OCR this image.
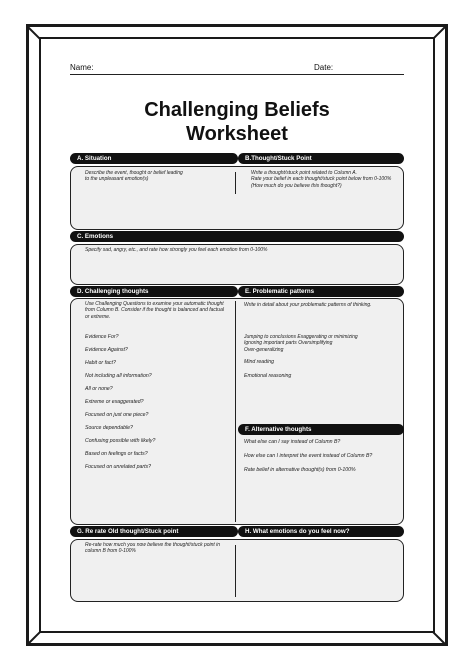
Name:	Date:
Challenging Beliefs
Worksheet
A. Situation	B.Thought/Stuck Point
Describe the event, thought or belief leading
to the unpleasant emotion(s)
Write a thought/stuck point related to Column A.
Rate your belief in each thought/stuck point below from 0-100%
(How much do you believe this thought?)
C. Emotions
Specify sad, angry, etc., and rate how strongly you feel each emotion from 0-100%
D. Challenging thoughts	E. Problematic patterns
Use Challenging Questions to examine your automatic thought
from Column B. Consider if the thought is balanced and factual
or extreme.
Evidence For?
Evidence Against?
Habit or fact?
Not including all information?
All or none?
Extreme or exaggerated?
Focused on just one piece?
Source dependable?
Confusing possible with likely?
Based on feelings or facts?
Focused on unrelated parts?
Write in detail about your problematic patterns of thinking.
Jumping to conclusions Exaggerating or minimizing
Ignoring important parts Oversimplifying
Over-generalizing
Mind reading
Emotional reasoning
F. Alternative thoughts
What else can I say instead of Column B?
How else can I interpret the event instead of Column B?
Rate belief in alternative thought(s) from 0-100%
G. Re rate Old thought/Stuck point	H. What emotions do you feel now?
Re-rate how much you now believe the thought/stuck point in
column B from 0-100%
